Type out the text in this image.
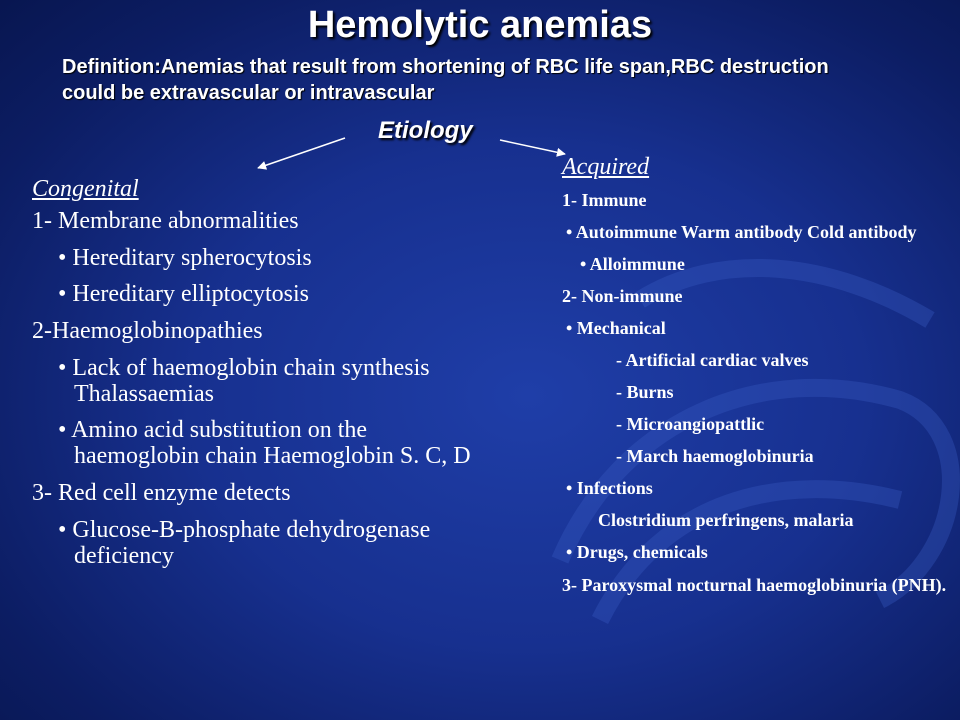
Hemolytic anemias
Definition:Anemias that result from shortening of RBC life span,RBC destruction could be extravascular or intravascular
Etiology
Congenital
1- Membrane abnormalities
• Hereditary spherocytosis
• Hereditary elliptocytosis
2-Haemoglobinopathies
• Lack of haemoglobin chain synthesis Thalassaemias
• Amino acid substitution on the haemoglobin chain Haemoglobin S. C, D
3- Red cell enzyme detects
• Glucose-B-phosphate dehydrogenase deficiency
Acquired
1- Immune
• Autoimmune Warm antibody Cold antibody
• Alloimmune
2- Non-immune
• Mechanical
- Artificial cardiac valves
- Burns
- Microangiopattlic
- March haemoglobinuria
• Infections
Clostridium perfringens, malaria
• Drugs, chemicals
3- Paroxysmal nocturnal haemoglobinuria (PNH).
